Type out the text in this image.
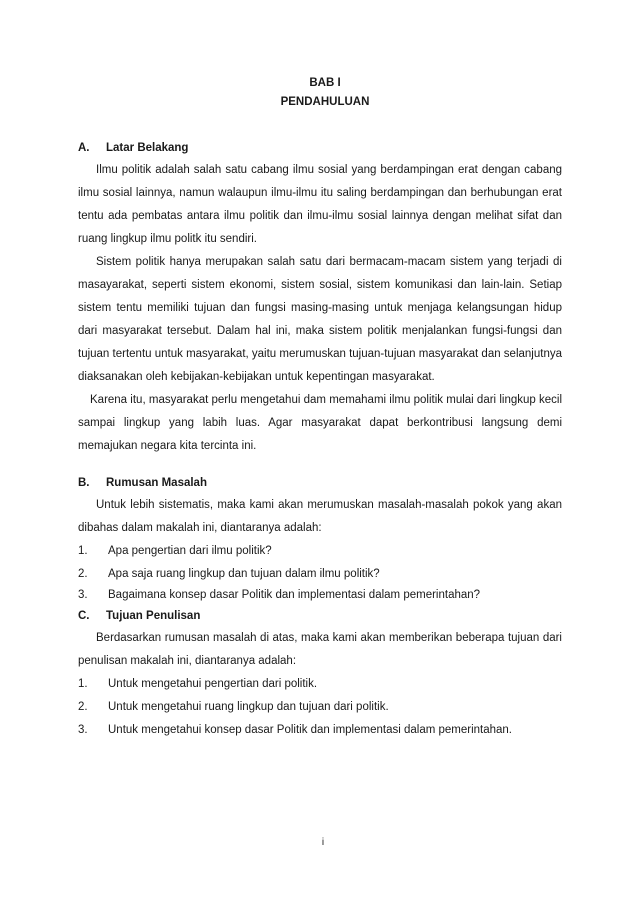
BAB I
PENDAHULUAN
A.	Latar Belakang

Ilmu politik adalah salah satu cabang ilmu sosial yang berdampingan erat dengan cabang ilmu sosial lainnya, namun walaupun ilmu-ilmu itu saling berdampingan dan berhubungan erat tentu ada pembatas antara ilmu politik dan ilmu-ilmu sosial lainnya dengan melihat sifat dan ruang lingkup ilmu politk itu sendiri.

Sistem politik hanya merupakan salah satu dari bermacam-macam sistem yang terjadi di masayarakat, seperti sistem ekonomi, sistem sosial, sistem komunikasi dan lain-lain. Setiap sistem tentu memiliki tujuan dan fungsi masing-masing untuk menjaga kelangsungan hidup dari masyarakat tersebut. Dalam hal ini, maka sistem politik menjalankan fungsi-fungsi dan tujuan tertentu untuk masyarakat, yaitu merumuskan tujuan-tujuan masyarakat dan selanjutnya diaksanakan oleh kebijakan-kebijakan untuk kepentingan masyarakat.

Karena itu, masyarakat perlu mengetahui dam memahami ilmu politik mulai dari lingkup kecil sampai lingkup yang labih luas. Agar masyarakat dapat berkontribusi langsung demi memajukan negara kita tercinta ini.

B.	Rumusan Masalah

Untuk lebih sistematis, maka kami akan merumuskan masalah-masalah pokok yang akan dibahas dalam makalah ini, diantaranya adalah:

1.	Apa pengertian dari ilmu politik?
2.	Apa saja ruang lingkup dan tujuan dalam ilmu politik?
3.	Bagaimana konsep dasar Politik dan implementasi dalam pemerintahan?
C.	Tujuan Penulisan

Berdasarkan rumusan masalah di atas, maka kami akan memberikan beberapa tujuan dari penulisan makalah ini, diantaranya adalah:

1.	Untuk mengetahui pengertian dari politik.
2.	Untuk mengetahui ruang lingkup dan tujuan dari politik.
3.	Untuk mengetahui konsep dasar Politik dan implementasi dalam pemerintahan.
i
